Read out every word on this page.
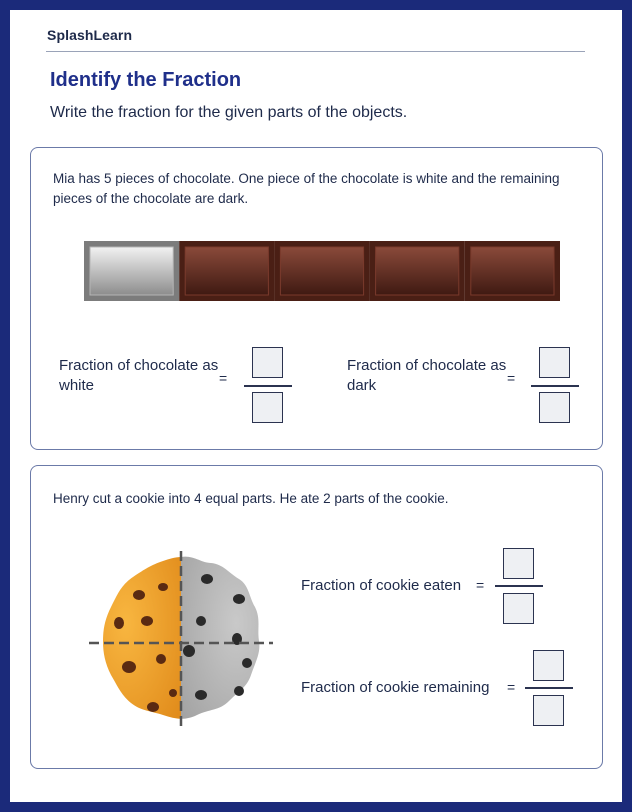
SplashLearn
Identify the Fraction
Write the fraction for the given parts of the objects.
Mia has 5 pieces of chocolate. One piece of the chocolate is white and the remaining pieces of the chocolate are dark.
Fraction of chocolate as white	=
Fraction of chocolate as dark	=
Henry cut a cookie into 4 equal parts. He ate 2 parts of the cookie.
Fraction of cookie eaten =
Fraction of cookie remaining =
